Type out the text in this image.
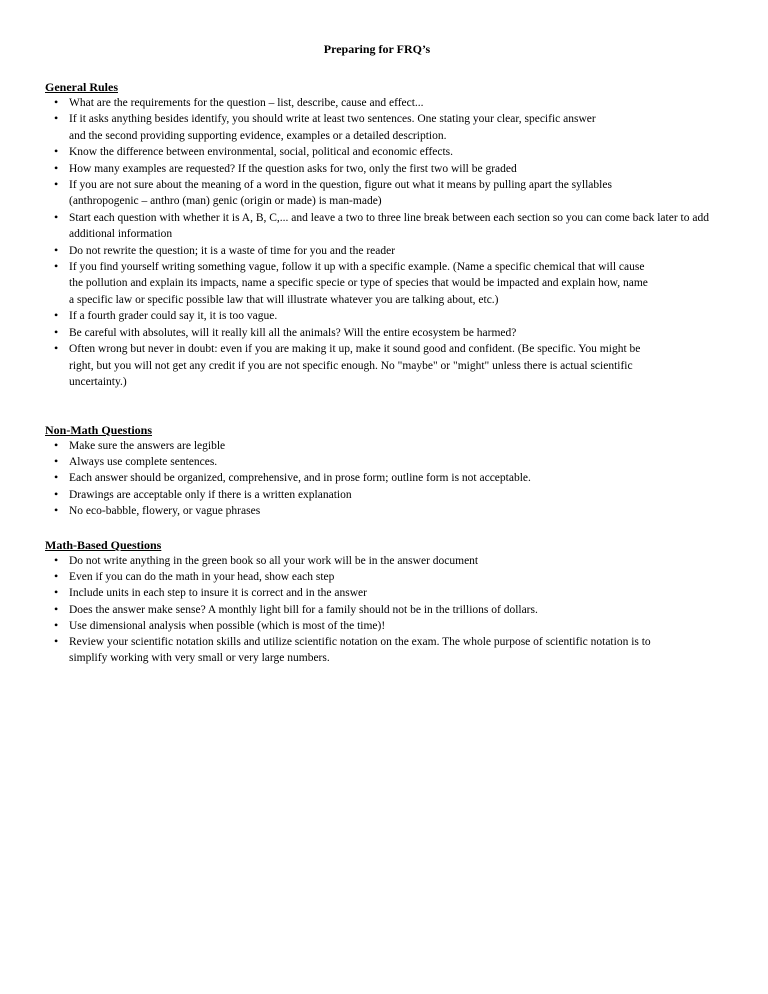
Preparing for FRQ’s
General Rules
• What are the requirements for the question – list, describe, cause and effect...
• If it asks anything besides identify, you should write at least two sentences. One stating your clear, specific answer and the second providing supporting evidence, examples or a detailed description.
• Know the difference between environmental, social, political and economic effects.
• How many examples are requested? If the question asks for two, only the first two will be graded
• If you are not sure about the meaning of a word in the question, figure out what it means by pulling apart the syllables (anthropogenic – anthro (man) genic (origin or made) is man-made)
• Start each question with whether it is A, B, C,... and leave a two to three line break between each section so you can come back later to add additional information
• Do not rewrite the question; it is a waste of time for you and the reader
• If you find yourself writing something vague, follow it up with a specific example. (Name a specific chemical that will cause the pollution and explain its impacts, name a specific specie or type of species that would be impacted and explain how, name a specific law or specific possible law that will illustrate whatever you are talking about, etc.)
• If a fourth grader could say it, it is too vague.
• Be careful with absolutes, will it really kill all the animals? Will the entire ecosystem be harmed?
• Often wrong but never in doubt: even if you are making it up, make it sound good and confident. (Be specific. You might be right, but you will not get any credit if you are not specific enough. No "maybe" or "might" unless there is actual scientific uncertainty.)
Non-Math Questions
• Make sure the answers are legible
• Always use complete sentences.
• Each answer should be organized, comprehensive, and in prose form; outline form is not acceptable.
• Drawings are acceptable only if there is a written explanation
• No eco-babble, flowery, or vague phrases
Math-Based Questions
• Do not write anything in the green book so all your work will be in the answer document
• Even if you can do the math in your head, show each step
• Include units in each step to insure it is correct and in the answer
• Does the answer make sense? A monthly light bill for a family should not be in the trillions of dollars.
• Use dimensional analysis when possible (which is most of the time)!
• Review your scientific notation skills and utilize scientific notation on the exam. The whole purpose of scientific notation is to simplify working with very small or very large numbers.
